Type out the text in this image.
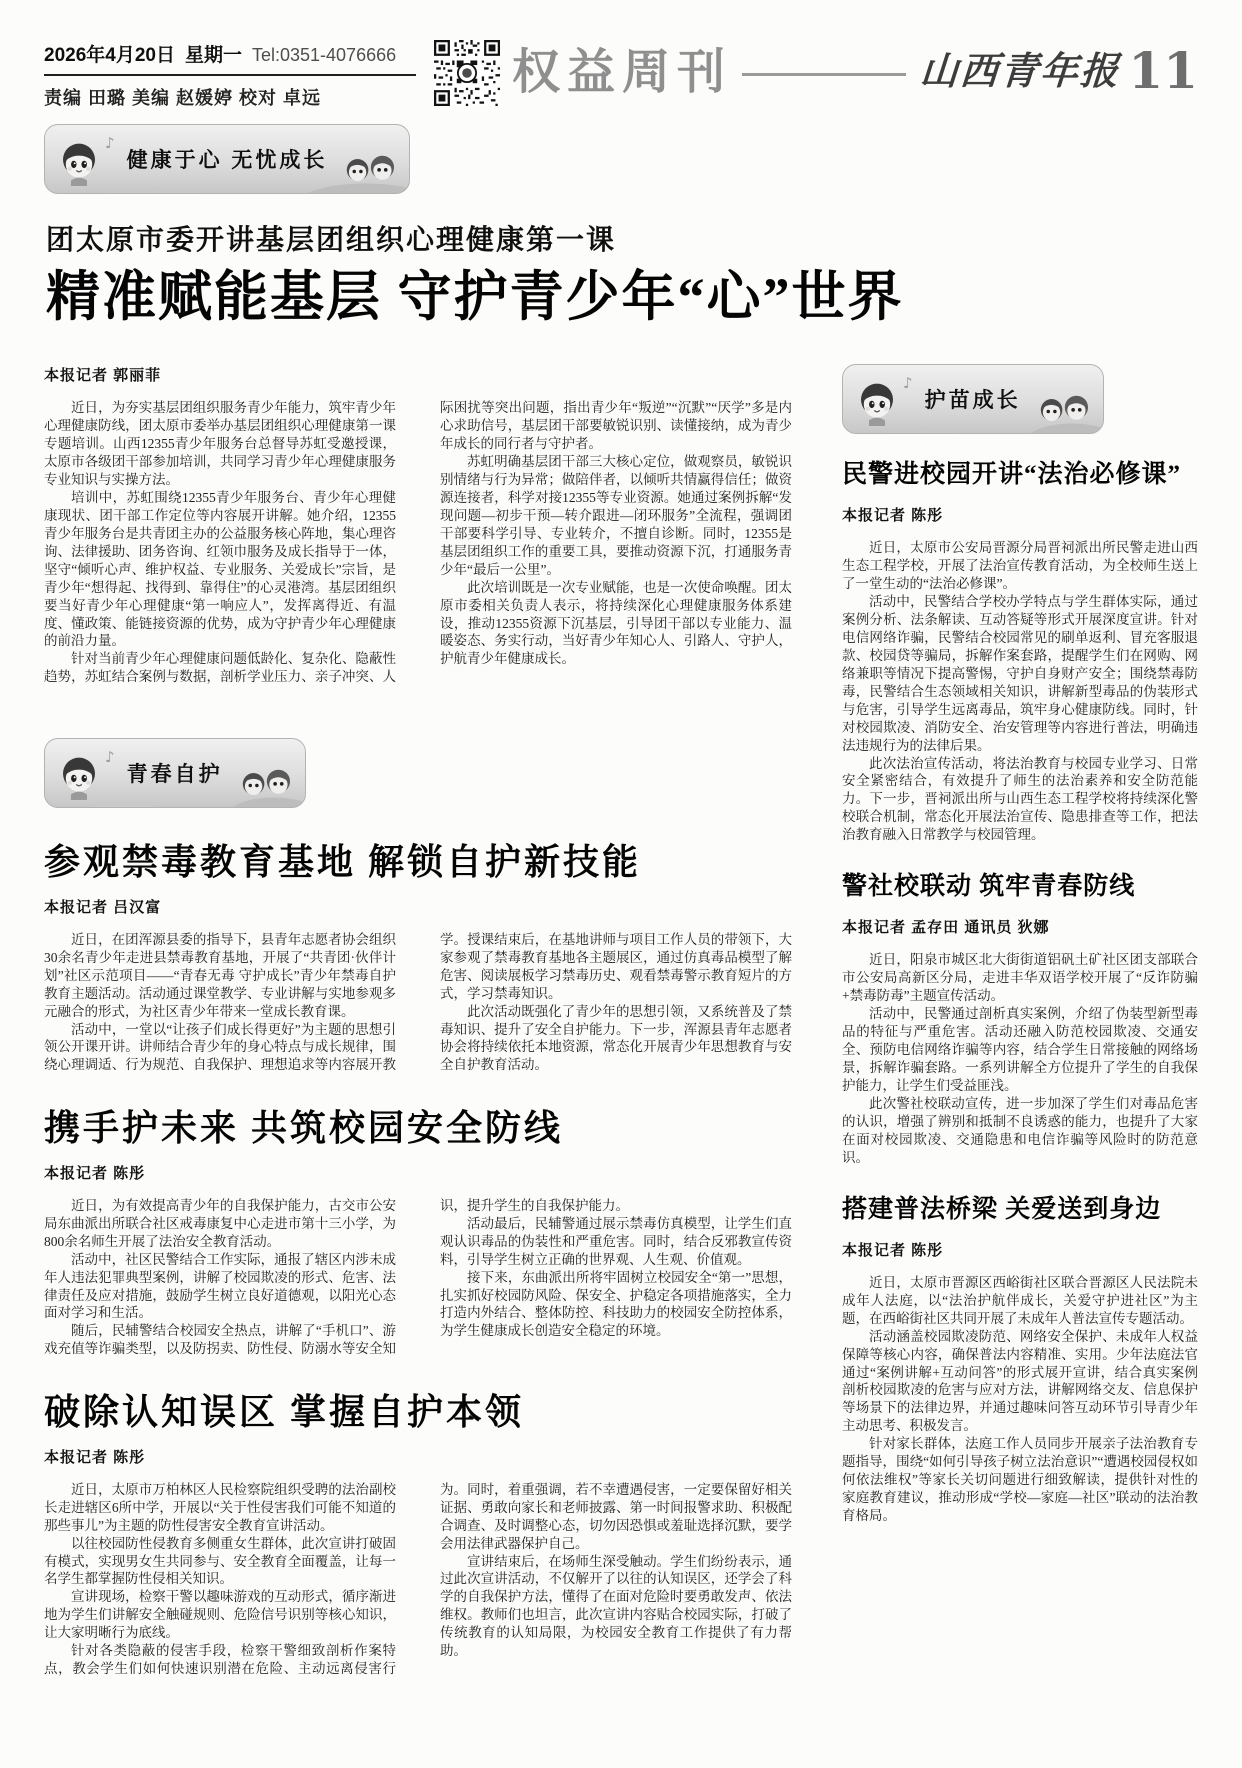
2026年4月20日 星期一 Tel:0351-4076666
责编 田璐 美编 赵媛婷 校对 卓远	权益周刊	山西青年报 11
♪
健康于心 无忧成长
团太原市委开讲基层团组织心理健康第一课
精准赋能基层 守护青少年“心”世界
本报记者 郭丽菲

近日，为夯实基层团组织服务青少年能力，筑牢青少年心理健康防线，团太原市委举办基层团组织心理健康第一课专题培训。山西12355青少年服务台总督导苏虹受邀授课，太原市各级团干部参加培训，共同学习青少年心理健康服务专业知识与实操方法。

培训中，苏虹围绕12355青少年服务台、青少年心理健康现状、团干部工作定位等内容展开讲解。她介绍，12355青少年服务台是共青团主办的公益服务核心阵地，集心理咨询、法律援助、团务咨询、红领巾服务及成长指导于一体，坚守“倾听心声、维护权益、专业服务、关爱成长”宗旨，是青少年“想得起、找得到、靠得住”的心灵港湾。基层团组织要当好青少年心理健康“第一响应人”，发挥离得近、有温度、懂政策、能链接资源的优势，成为守护青少年心理健康的前沿力量。

针对当前青少年心理健康问题低龄化、复杂化、隐蔽性趋势，苏虹结合案例与数据，剖析学业压力、亲子冲突、人际困扰等突出问题，指出青少年“叛逆”“沉默”“厌学”多是内心求助信号，基层团干部要敏锐识别、读懂接纳，成为青少年成长的同行者与守护者。

苏虹明确基层团干部三大核心定位，做观察员，敏锐识别情绪与行为异常；做陪伴者，以倾听共情赢得信任；做资源连接者，科学对接12355等专业资源。她通过案例拆解“发现问题—初步干预—转介跟进—闭环服务”全流程，强调团干部要科学引导、专业转介，不擅自诊断。同时，12355是基层团组织工作的重要工具，要推动资源下沉，打通服务青少年“最后一公里”。

此次培训既是一次专业赋能，也是一次使命唤醒。团太原市委相关负责人表示，将持续深化心理健康服务体系建设，推动12355资源下沉基层，引导团干部以专业能力、温暖姿态、务实行动，当好青少年知心人、引路人、守护人，护航青少年健康成长。

♪
青春自护
参观禁毒教育基地 解锁自护新技能
本报记者 吕汉富

近日，在团浑源县委的指导下，县青年志愿者协会组织30余名青少年走进县禁毒教育基地，开展了“共青团·伙伴计划”社区示范项目——“青春无毒 守护成长”青少年禁毒自护教育主题活动。活动通过课堂教学、专业讲解与实地参观多元融合的形式，为社区青少年带来一堂成长教育课。

活动中，一堂以“让孩子们成长得更好”为主题的思想引领公开课开讲。讲师结合青少年的身心特点与成长规律，围绕心理调适、行为规范、自我保护、理想追求等内容展开教学。授课结束后，在基地讲师与项目工作人员的带领下，大家参观了禁毒教育基地各主题展区，通过仿真毒品模型了解危害、阅读展板学习禁毒历史、观看禁毒警示教育短片的方式，学习禁毒知识。

此次活动既强化了青少年的思想引领，又系统普及了禁毒知识、提升了安全自护能力。下一步，浑源县青年志愿者协会将持续依托本地资源，常态化开展青少年思想教育与安全自护教育活动。

携手护未来 共筑校园安全防线
本报记者 陈彤

近日，为有效提高青少年的自我保护能力，古交市公安局东曲派出所联合社区戒毒康复中心走进市第十三小学，为800余名师生开展了法治安全教育活动。

活动中，社区民警结合工作实际，通报了辖区内涉未成年人违法犯罪典型案例，讲解了校园欺凌的形式、危害、法律责任及应对措施，鼓励学生树立良好道德观，以阳光心态面对学习和生活。

随后，民辅警结合校园安全热点，讲解了“手机口”、游戏充值等诈骗类型，以及防拐卖、防性侵、防溺水等安全知识，提升学生的自我保护能力。

活动最后，民辅警通过展示禁毒仿真模型，让学生们直观认识毒品的伪装性和严重危害。同时，结合反邪教宣传资料，引导学生树立正确的世界观、人生观、价值观。

接下来，东曲派出所将牢固树立校园安全“第一”思想，扎实抓好校园防风险、保安全、护稳定各项措施落实，全力打造内外结合、整体防控、科技助力的校园安全防控体系，为学生健康成长创造安全稳定的环境。

破除认知误区 掌握自护本领
本报记者 陈彤

近日，太原市万柏林区人民检察院组织受聘的法治副校长走进辖区6所中学，开展以“关于性侵害我们可能不知道的那些事儿”为主题的防性侵害安全教育宣讲活动。

以往校园防性侵教育多侧重女生群体，此次宣讲打破固有模式，实现男女生共同参与、安全教育全面覆盖，让每一名学生都掌握防性侵相关知识。

宣讲现场，检察干警以趣味游戏的互动形式，循序渐进地为学生们讲解安全触碰规则、危险信号识别等核心知识，让大家明晰行为底线。

针对各类隐蔽的侵害手段，检察干警细致剖析作案特点，教会学生们如何快速识别潜在危险、主动远离侵害行为。同时，着重强调，若不幸遭遇侵害，一定要保留好相关证据、勇敢向家长和老师披露、第一时间报警求助、积极配合调查、及时调整心态，切勿因恐惧或羞耻选择沉默，要学会用法律武器保护自己。

宣讲结束后，在场师生深受触动。学生们纷纷表示，通过此次宣讲活动，不仅解开了以往的认知误区，还学会了科学的自我保护方法，懂得了在面对危险时要勇敢发声、依法维权。教师们也坦言，此次宣讲内容贴合校园实际，打破了传统教育的认知局限，为校园安全教育工作提供了有力帮助。

♪
护苗成长
民警进校园开讲“法治必修课”
本报记者 陈彤

近日，太原市公安局晋源分局晋祠派出所民警走进山西生态工程学校，开展了法治宣传教育活动，为全校师生送上了一堂生动的“法治必修课”。

活动中，民警结合学校办学特点与学生群体实际，通过案例分析、法条解读、互动答疑等形式开展深度宣讲。针对电信网络诈骗，民警结合校园常见的刷单返利、冒充客服退款、校园贷等骗局，拆解作案套路，提醒学生们在网购、网络兼职等情况下提高警惕，守护自身财产安全；围绕禁毒防毒，民警结合生态领域相关知识，讲解新型毒品的伪装形式与危害，引导学生远离毒品，筑牢身心健康防线。同时，针对校园欺凌、消防安全、治安管理等内容进行普法，明确违法违规行为的法律后果。

此次法治宣传活动，将法治教育与校园专业学习、日常安全紧密结合，有效提升了师生的法治素养和安全防范能力。下一步，晋祠派出所与山西生态工程学校将持续深化警校联合机制，常态化开展法治宣传、隐患排查等工作，把法治教育融入日常教学与校园管理。

警社校联动 筑牢青春防线
本报记者 孟存田 通讯员 狄娜

近日，阳泉市城区北大街街道铝矾土矿社区团支部联合市公安局高新区分局，走进丰华双语学校开展了“反诈防骗+禁毒防毒”主题宣传活动。

活动中，民警通过剖析真实案例，介绍了伪装型新型毒品的特征与严重危害。活动还融入防范校园欺凌、交通安全、预防电信网络诈骗等内容，结合学生日常接触的网络场景，拆解诈骗套路。一系列讲解全方位提升了学生的自我保护能力，让学生们受益匪浅。

此次警社校联动宣传，进一步加深了学生们对毒品危害的认识，增强了辨别和抵制不良诱惑的能力，也提升了大家在面对校园欺凌、交通隐患和电信诈骗等风险时的防范意识。

搭建普法桥梁 关爱送到身边
本报记者 陈彤

近日，太原市晋源区西峪街社区联合晋源区人民法院未成年人法庭，以“法治护航伴成长，关爱守护进社区”为主题，在西峪街社区共同开展了未成年人普法宣传专题活动。

活动涵盖校园欺凌防范、网络安全保护、未成年人权益保障等核心内容，确保普法内容精准、实用。少年法庭法官通过“案例讲解+互动问答”的形式展开宣讲，结合真实案例剖析校园欺凌的危害与应对方法，讲解网络交友、信息保护等场景下的法律边界，并通过趣味问答互动环节引导青少年主动思考、积极发言。

针对家长群体，法庭工作人员同步开展亲子法治教育专题指导，围绕“如何引导孩子树立法治意识”“遭遇校园侵权如何依法维权”等家长关切问题进行细致解读，提供针对性的家庭教育建议，推动形成“学校—家庭—社区”联动的法治教育格局。
